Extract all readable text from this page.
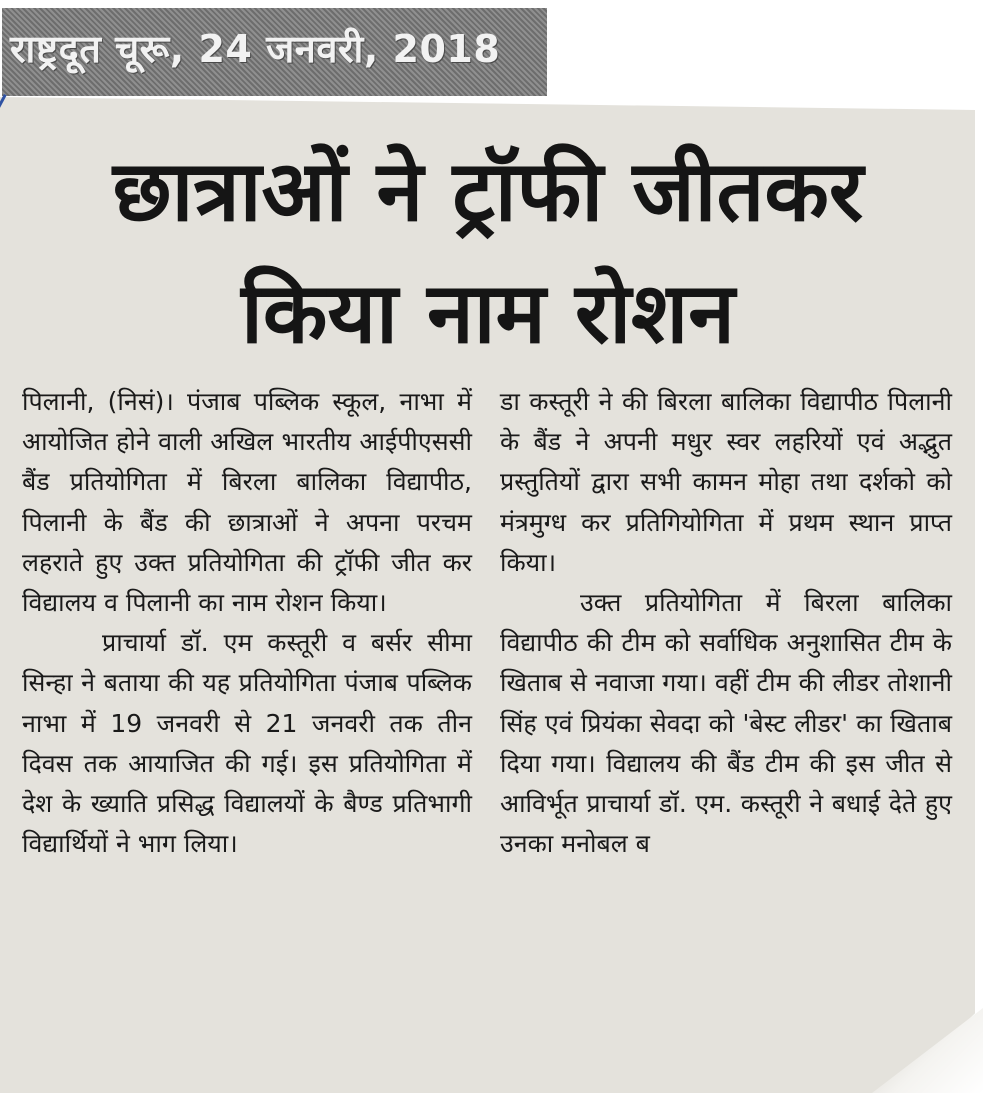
राष्ट्रदूत चूरू, 24 जनवरी, 2018
छात्राओं ने ट्रॉफी जीतकर
किया नाम रोशन

पिलानी, (निसं)। पंजाब पब्लिक स्कूल, नाभा में आयोजित होने वाली अखिल भारतीय आईपीएससी बैंड प्रतियोगिता में बिरला बालिका विद्यापीठ, पिलानी के बैंड की छात्राओं ने अपना परचम लहराते हुए उक्त प्रतियोगिता की ट्रॉफी जीत कर विद्यालय व पिलानी का नाम रोशन किया।

प्राचार्या डॉ. एम कस्तूरी व बर्सर सीमा सिन्हा ने बताया की यह प्रतियोगिता पंजाब पब्लिक नाभा में 19 जनवरी से 21 जनवरी तक तीन दिवस तक आयाजित की गई। इस प्रतियोगिता में देश के ख्याति प्रसिद्ध विद्यालयों के बैण्ड प्रतिभागी विद्यार्थियों ने भाग लिया।

डा कस्तूरी ने की बिरला बालिका विद्यापीठ पिलानी के बैंड ने अपनी मधुर स्वर लहरियों एवं अद्भुत प्रस्तुतियों द्वारा सभी कामन मोहा तथा दर्शको को मंत्रमुग्ध कर प्रतिगियोगिता में प्रथम स्थान प्राप्त किया।

उक्त प्रतियोगिता में बिरला बालिका विद्यापीठ की टीम को सर्वाधिक अनुशासित टीम के खिताब से नवाजा गया। वहीं टीम की लीडर तोशानी सिंह एवं प्रियंका सेवदा को 'बेस्ट लीडर' का खिताब दिया गया। विद्यालय की बैंड टीम की इस जीत से आविर्भूत प्राचार्या डॉ. एम. कस्तूरी ने बधाई देते हुए उनका मनोबल ब
